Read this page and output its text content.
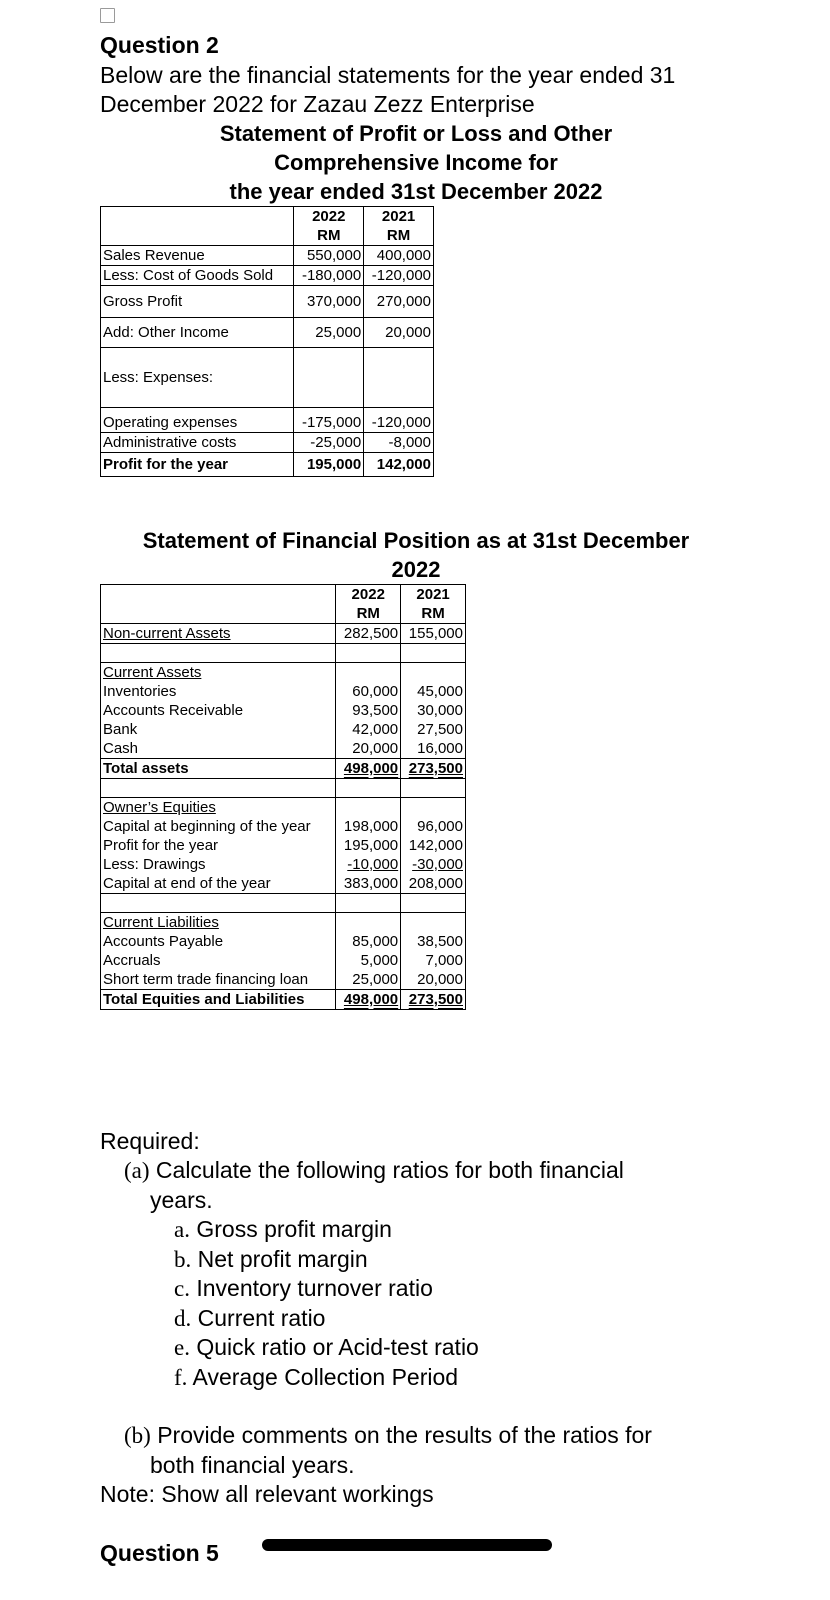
Question 2
Below are the financial statements for the year ended 31
December 2022 for Zazau Zezz Enterprise
Statement of Profit or Loss and Other
Comprehensive Income for
the year ended 31st December 2022
	2022	2021
	RM	RM
Sales Revenue	550,000	400,000
Less: Cost of Goods Sold	-180,000	-120,000
Gross Profit	370,000	270,000
Add: Other Income	25,000	20,000
Less: Expenses:		
Operating expenses	-175,000	-120,000
Administrative costs	-25,000	-8,000
Profit for the year	195,000	142,000
Statement of Financial Position as at 31st December
2022
	2022	2021
	RM	RM
Non-current Assets	282,500	155,000

Current Assets		
Inventories	60,000	45,000
Accounts Receivable	93,500	30,000
Bank	42,000	27,500
Cash	20,000	16,000
Total assets	498,000	273,500

Owner’s Equities		
Capital at beginning of the year	198,000	96,000
Profit for the year	195,000	142,000
Less: Drawings	-10,000	-30,000
Capital at end of the year	383,000	208,000

Current Liabilities		
Accounts Payable	85,000	38,500
Accruals	5,000	7,000
Short term trade financing loan	25,000	20,000
Total Equities and Liabilities	498,000	273,500
Required:
(a) Calculate the following ratios for both financial
years.
a. Gross profit margin
b. Net profit margin
c. Inventory turnover ratio
d. Current ratio
e. Quick ratio or Acid-test ratio
f. Average Collection Period
(b) Provide comments on the results of the ratios for
both financial years.
Note: Show all relevant workings
Question 5
